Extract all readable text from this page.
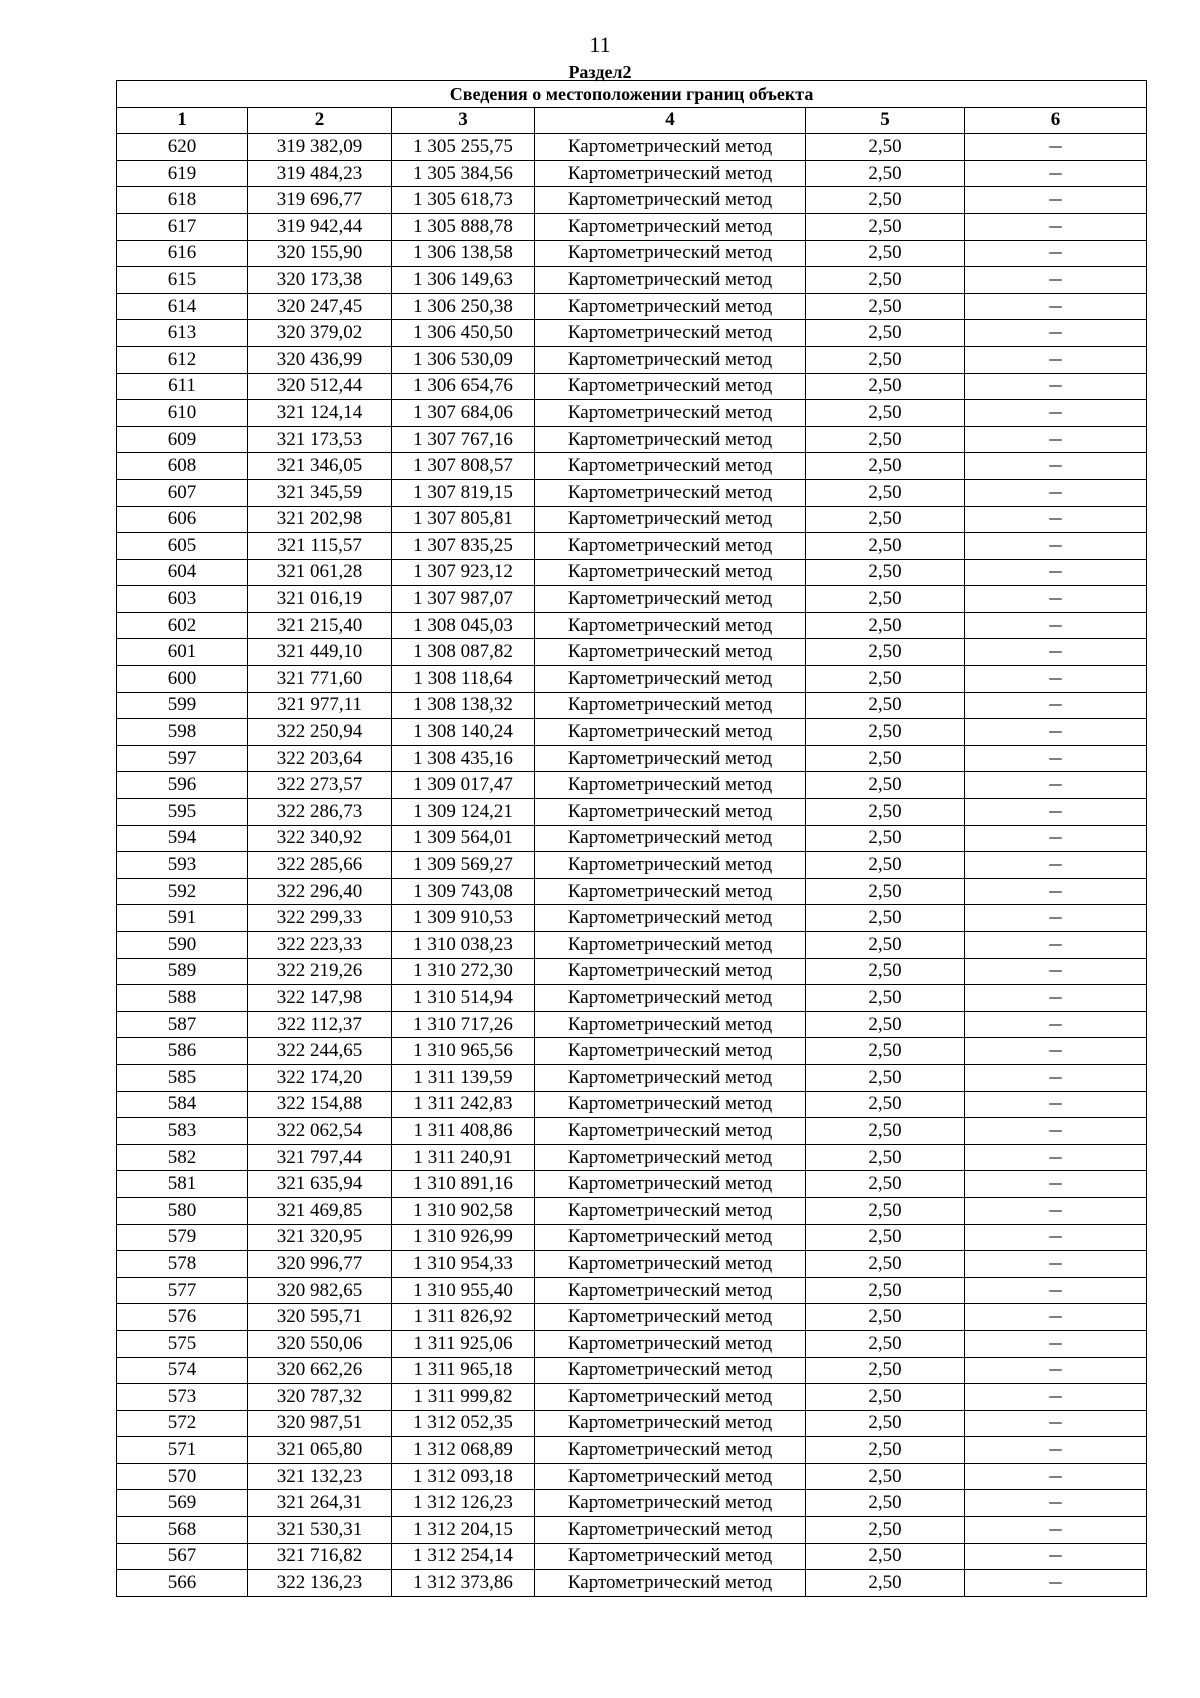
11
Раздел2
Сведения о местоположении границ объекта					
1	2	3	4	5	6
620	319 382,09	1 305 255,75	Картометрический метод	2,50	—
619	319 484,23	1 305 384,56	Картометрический метод	2,50	—
618	319 696,77	1 305 618,73	Картометрический метод	2,50	—
617	319 942,44	1 305 888,78	Картометрический метод	2,50	—
616	320 155,90	1 306 138,58	Картометрический метод	2,50	—
615	320 173,38	1 306 149,63	Картометрический метод	2,50	—
614	320 247,45	1 306 250,38	Картометрический метод	2,50	—
613	320 379,02	1 306 450,50	Картометрический метод	2,50	—
612	320 436,99	1 306 530,09	Картометрический метод	2,50	—
611	320 512,44	1 306 654,76	Картометрический метод	2,50	—
610	321 124,14	1 307 684,06	Картометрический метод	2,50	—
609	321 173,53	1 307 767,16	Картометрический метод	2,50	—
608	321 346,05	1 307 808,57	Картометрический метод	2,50	—
607	321 345,59	1 307 819,15	Картометрический метод	2,50	—
606	321 202,98	1 307 805,81	Картометрический метод	2,50	—
605	321 115,57	1 307 835,25	Картометрический метод	2,50	—
604	321 061,28	1 307 923,12	Картометрический метод	2,50	—
603	321 016,19	1 307 987,07	Картометрический метод	2,50	—
602	321 215,40	1 308 045,03	Картометрический метод	2,50	—
601	321 449,10	1 308 087,82	Картометрический метод	2,50	—
600	321 771,60	1 308 118,64	Картометрический метод	2,50	—
599	321 977,11	1 308 138,32	Картометрический метод	2,50	—
598	322 250,94	1 308 140,24	Картометрический метод	2,50	—
597	322 203,64	1 308 435,16	Картометрический метод	2,50	—
596	322 273,57	1 309 017,47	Картометрический метод	2,50	—
595	322 286,73	1 309 124,21	Картометрический метод	2,50	—
594	322 340,92	1 309 564,01	Картометрический метод	2,50	—
593	322 285,66	1 309 569,27	Картометрический метод	2,50	—
592	322 296,40	1 309 743,08	Картометрический метод	2,50	—
591	322 299,33	1 309 910,53	Картометрический метод	2,50	—
590	322 223,33	1 310 038,23	Картометрический метод	2,50	—
589	322 219,26	1 310 272,30	Картометрический метод	2,50	—
588	322 147,98	1 310 514,94	Картометрический метод	2,50	—
587	322 112,37	1 310 717,26	Картометрический метод	2,50	—
586	322 244,65	1 310 965,56	Картометрический метод	2,50	—
585	322 174,20	1 311 139,59	Картометрический метод	2,50	—
584	322 154,88	1 311 242,83	Картометрический метод	2,50	—
583	322 062,54	1 311 408,86	Картометрический метод	2,50	—
582	321 797,44	1 311 240,91	Картометрический метод	2,50	—
581	321 635,94	1 310 891,16	Картометрический метод	2,50	—
580	321 469,85	1 310 902,58	Картометрический метод	2,50	—
579	321 320,95	1 310 926,99	Картометрический метод	2,50	—
578	320 996,77	1 310 954,33	Картометрический метод	2,50	—
577	320 982,65	1 310 955,40	Картометрический метод	2,50	—
576	320 595,71	1 311 826,92	Картометрический метод	2,50	—
575	320 550,06	1 311 925,06	Картометрический метод	2,50	—
574	320 662,26	1 311 965,18	Картометрический метод	2,50	—
573	320 787,32	1 311 999,82	Картометрический метод	2,50	—
572	320 987,51	1 312 052,35	Картометрический метод	2,50	—
571	321 065,80	1 312 068,89	Картометрический метод	2,50	—
570	321 132,23	1 312 093,18	Картометрический метод	2,50	—
569	321 264,31	1 312 126,23	Картометрический метод	2,50	—
568	321 530,31	1 312 204,15	Картометрический метод	2,50	—
567	321 716,82	1 312 254,14	Картометрический метод	2,50	—
566	322 136,23	1 312 373,86	Картометрический метод	2,50	—
